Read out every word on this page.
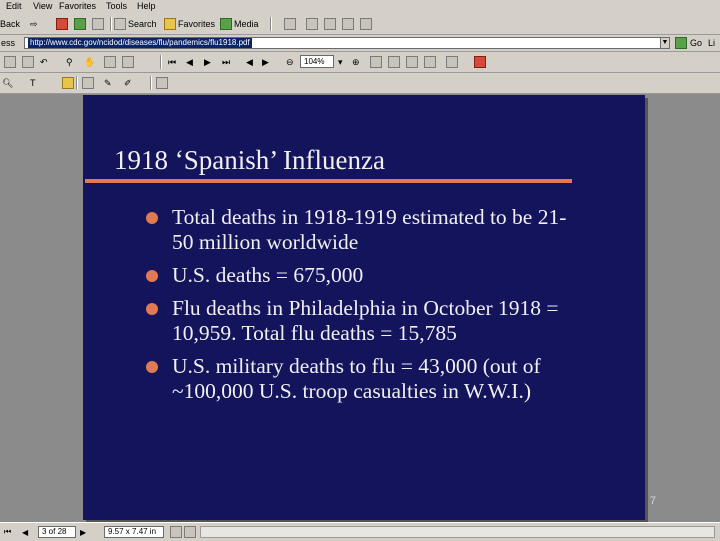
Edit View Favorites Tools Help
Back ⇨	Search Favorites Media
ess http://www.cdc.gov/ncidod/diseases/flu/pandemics/flu1918.pdf	▼ Go Li
↶ ⚲ ✋	⏮ ◀ ▶ ⏭ ◀ ▶ ⊖	104%	▾ ⊕
🔍︎ T	✎ ✐
1918 ‘Spanish’ Influenza
Total deaths in 1918-1919 estimated to be 21-50 million worldwide
U.S. deaths = 675,000
Flu deaths in Philadelphia in October 1918 = 10,959. Total flu deaths = 15,785
U.S. military deaths to flu = 43,000 (out of ~100,000 U.S. troop casualties in W.W.I.)
7
⏮ ◀	3 of 28	▶	9.57 x 7.47 in
